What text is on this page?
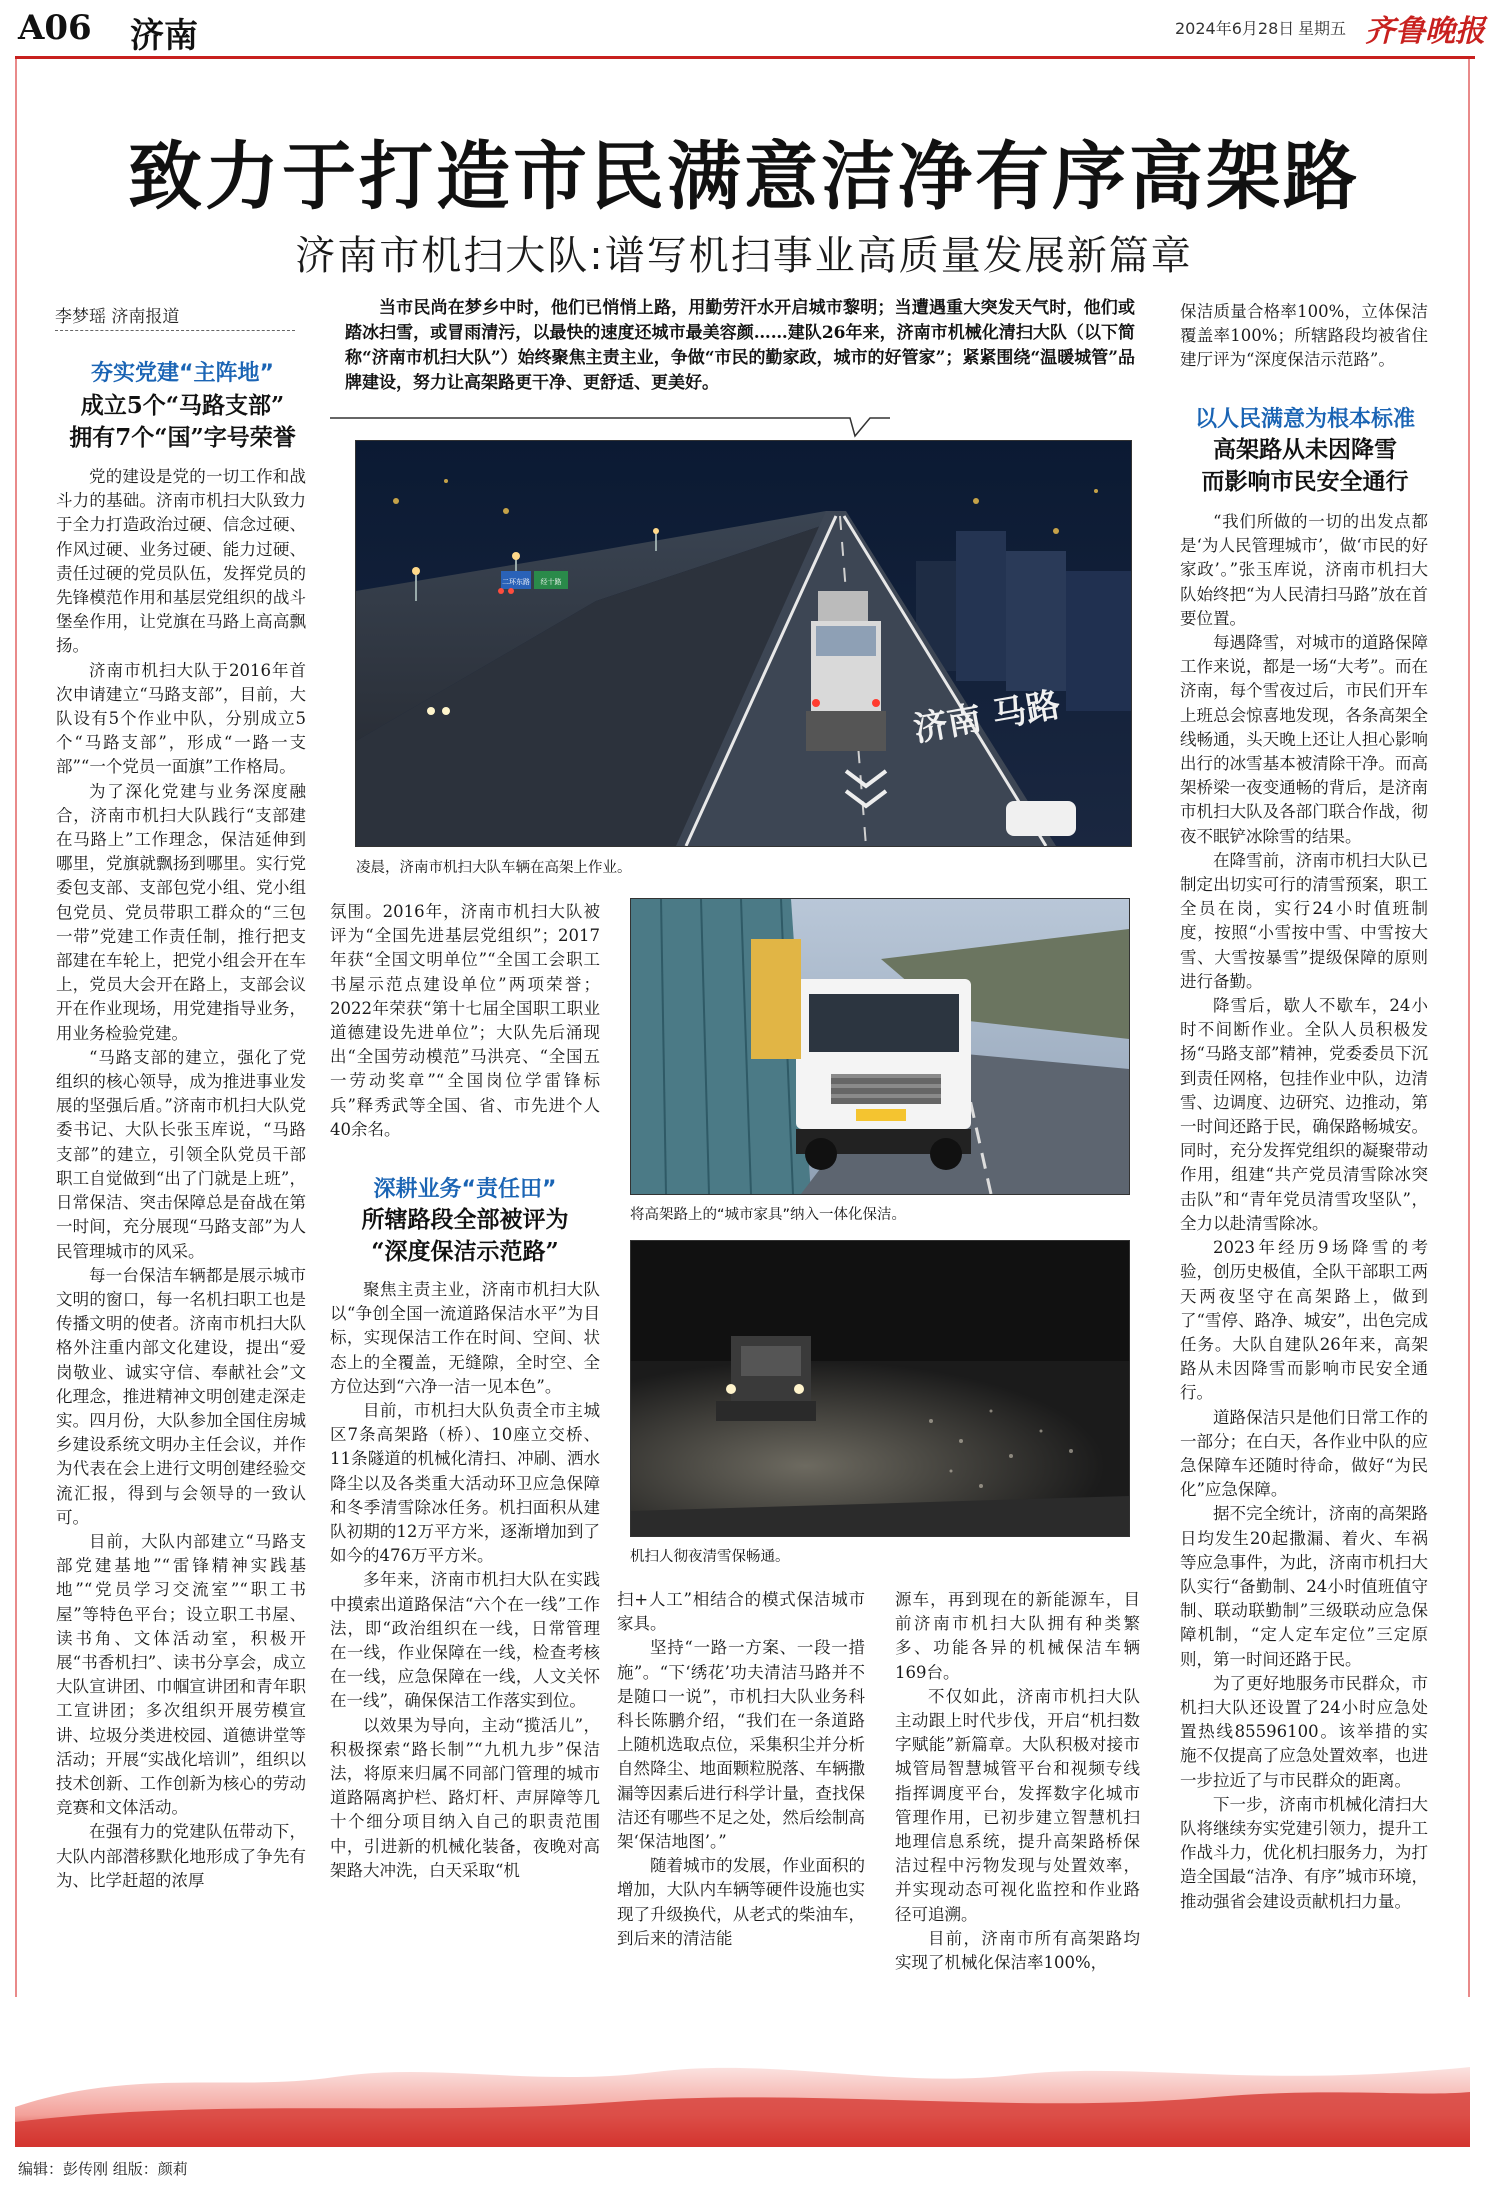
A06 济南	2024年6月28日 星期五 齐鲁晚报
致力于打造市民满意洁净有序高架路
济南市机扫大队:谱写机扫事业高质量发展新篇章
李梦瑶 济南报道	当市民尚在梦乡中时，他们已悄悄上路，用勤劳汗水开启城市黎明；当遭遇重大突发天气时，他们或踏冰扫雪，或冒雨清污，以最快的速度还城市最美容颜……建队26年来，济南市机械化清扫大队（以下简称“济南市机扫大队”）始终聚焦主责主业，争做“市民的勤家政，城市的好管家”；紧紧围绕“温暖城管”品牌建设，努力让高架路更干净、更舒适、更美好。

夯实党建“主阵地”
成立5个“马路支部”
拥有7个“国”字号荣誉

党的建设是党的一切工作和战斗力的基础。济南市机扫大队致力于全力打造政治过硬、信念过硬、作风过硬、业务过硬、能力过硬、责任过硬的党员队伍，发挥党员的先锋模范作用和基层党组织的战斗堡垒作用，让党旗在马路上高高飘扬。

济南市机扫大队于2016年首次申请建立“马路支部”，目前，大队设有5个作业中队，分别成立5个“马路支部”，形成“一路一支部”“一个党员一面旗”工作格局。

为了深化党建与业务深度融合，济南市机扫大队践行“支部建在马路上”工作理念，保洁延伸到哪里，党旗就飘扬到哪里。实行党委包支部、支部包党小组、党小组包党员、党员带职工群众的“三包一带”党建工作责任制，推行把支部建在车轮上，把党小组会开在车上，党员大会开在路上，支部会议开在作业现场，用党建指导业务，用业务检验党建。

“马路支部的建立，强化了党组织的核心领导，成为推进事业发展的坚强后盾。”济南市机扫大队党委书记、大队长张玉库说，“马路支部”的建立，引领全队党员干部职工自觉做到“出了门就是上班”，日常保洁、突击保障总是奋战在第一时间，充分展现“马路支部”为人民管理城市的风采。

每一台保洁车辆都是展示城市文明的窗口，每一名机扫职工也是传播文明的使者。济南市机扫大队格外注重内部文化建设，提出“爱岗敬业、诚实守信、奉献社会”文化理念，推进精神文明创建走深走实。四月份，大队参加全国住房城乡建设系统文明办主任会议，并作为代表在会上进行文明创建经验交流汇报，得到与会领导的一致认可。

目前，大队内部建立“马路支部党建基地”“雷锋精神实践基地”“党员学习交流室”“职工书屋”等特色平台；设立职工书屋、读书角、文体活动室，积极开展“书香机扫”、读书分享会，成立大队宣讲团、巾帼宣讲团和青年职工宣讲团；多次组织开展劳模宣讲、垃圾分类进校园、道德讲堂等活动；开展“实战化培训”，组织以技术创新、工作创新为核心的劳动竞赛和文体活动。

在强有力的党建队伍带动下，大队内部潜移默化地形成了争先有为、比学赶超的浓厚

二环东路 经十路
济南 马路
凌晨，济南市机扫大队车辆在高架上作业。

氛围。2016年，济南市机扫大队被评为“全国先进基层党组织”；2017年获“全国文明单位”“全国工会职工书屋示范点建设单位”两项荣誉；2022年荣获“第十七届全国职工职业道德建设先进单位”；大队先后涌现出“全国劳动模范”马洪亮、“全国五一劳动奖章”“全国岗位学雷锋标兵”释秀武等全国、省、市先进个人40余名。

深耕业务“责任田”
所辖路段全部被评为
“深度保洁示范路”

聚焦主责主业，济南市机扫大队以“争创全国一流道路保洁水平”为目标，实现保洁工作在时间、空间、状态上的全覆盖，无缝隙，全时空、全方位达到“六净一洁一见本色”。

目前，市机扫大队负责全市主城区7条高架路（桥）、10座立交桥、11条隧道的机械化清扫、冲刷、洒水降尘以及各类重大活动环卫应急保障和冬季清雪除冰任务。机扫面积从建队初期的12万平方米，逐渐增加到了如今的476万平方米。

多年来，济南市机扫大队在实践中摸索出道路保洁“六个在一线”工作法，即“政治组织在一线，日常管理在一线，作业保障在一线，检查考核在一线，应急保障在一线，人文关怀在一线”，确保保洁工作落实到位。

以效果为导向，主动“揽活儿”，积极探索“路长制”“九机九步”保洁法，将原来归属不同部门管理的城市道路隔离护栏、路灯杆、声屏障等几十个细分项目纳入自己的职责范围中，引进新的机械化装备，夜晚对高架路大冲洗，白天采取“机

将高架路上的“城市家具”纳入一体化保洁。
机扫人彻夜清雪保畅通。

扫+人工”相结合的模式保洁城市家具。

坚持“一路一方案、一段一措施”。“下‘绣花’功夫清洁马路并不是随口一说”，市机扫大队业务科科长陈鹏介绍，“我们在一条道路上随机选取点位，采集积尘并分析自然降尘、地面颗粒脱落、车辆撒漏等因素后进行科学计量，查找保洁还有哪些不足之处，然后绘制高架‘保洁地图’。”

随着城市的发展，作业面积的增加，大队内车辆等硬件设施也实现了升级换代，从老式的柴油车，到后来的清洁能

源车，再到现在的新能源车，目前济南市机扫大队拥有种类繁多、功能各异的机械保洁车辆169台。

不仅如此，济南市机扫大队主动跟上时代步伐，开启“机扫数字赋能”新篇章。大队积极对接市城管局智慧城管平台和视频专线指挥调度平台，发挥数字化城市管理作用，已初步建立智慧机扫地理信息系统，提升高架路桥保洁过程中污物发现与处置效率，并实现动态可视化监控和作业路径可追溯。

目前，济南市所有高架路均实现了机械化保洁率100%，

保洁质量合格率100%，立体保洁覆盖率100%；所辖路段均被省住建厅评为“深度保洁示范路”。

以人民满意为根本标准
高架路从未因降雪
而影响市民安全通行

“我们所做的一切的出发点都是‘为人民管理城市’，做‘市民的好家政’。”张玉库说，济南市机扫大队始终把“为人民清扫马路”放在首要位置。

每遇降雪，对城市的道路保障工作来说，都是一场“大考”。而在济南，每个雪夜过后，市民们开车上班总会惊喜地发现，各条高架全线畅通，头天晚上还让人担心影响出行的冰雪基本被清除干净。而高架桥梁一夜变通畅的背后，是济南市机扫大队及各部门联合作战，彻夜不眠铲冰除雪的结果。

在降雪前，济南市机扫大队已制定出切实可行的清雪预案，职工全员在岗，实行24小时值班制度，按照“小雪按中雪、中雪按大雪、大雪按暴雪”提级保障的原则进行备勤。

降雪后，歇人不歇车，24小时不间断作业。全队人员积极发扬“马路支部”精神，党委委员下沉到责任网格，包挂作业中队，边清雪、边调度、边研究、边推动，第一时间还路于民，确保路畅城安。同时，充分发挥党组织的凝聚带动作用，组建“共产党员清雪除冰突击队”和“青年党员清雪攻坚队”，全力以赴清雪除冰。

2023年经历9场降雪的考验，创历史极值，全队干部职工两天两夜坚守在高架路上，做到了“雪停、路净、城安”，出色完成任务。大队自建队26年来，高架路从未因降雪而影响市民安全通行。

道路保洁只是他们日常工作的一部分；在白天，各作业中队的应急保障车还随时待命，做好“为民化”应急保障。

据不完全统计，济南的高架路日均发生20起撒漏、着火、车祸等应急事件，为此，济南市机扫大队实行“备勤制、24小时值班值守制、联动联勤制”三级联动应急保障机制，“定人定车定位”三定原则，第一时间还路于民。

为了更好地服务市民群众，市机扫大队还设置了24小时应急处置热线85596100。该举措的实施不仅提高了应急处置效率，也进一步拉近了与市民群众的距离。

下一步，济南市机械化清扫大队将继续夯实党建引领力，提升工作战斗力，优化机扫服务力，为打造全国最“洁净、有序”城市环境，推动强省会建设贡献机扫力量。

编辑：彭传刚 组版：颜莉
